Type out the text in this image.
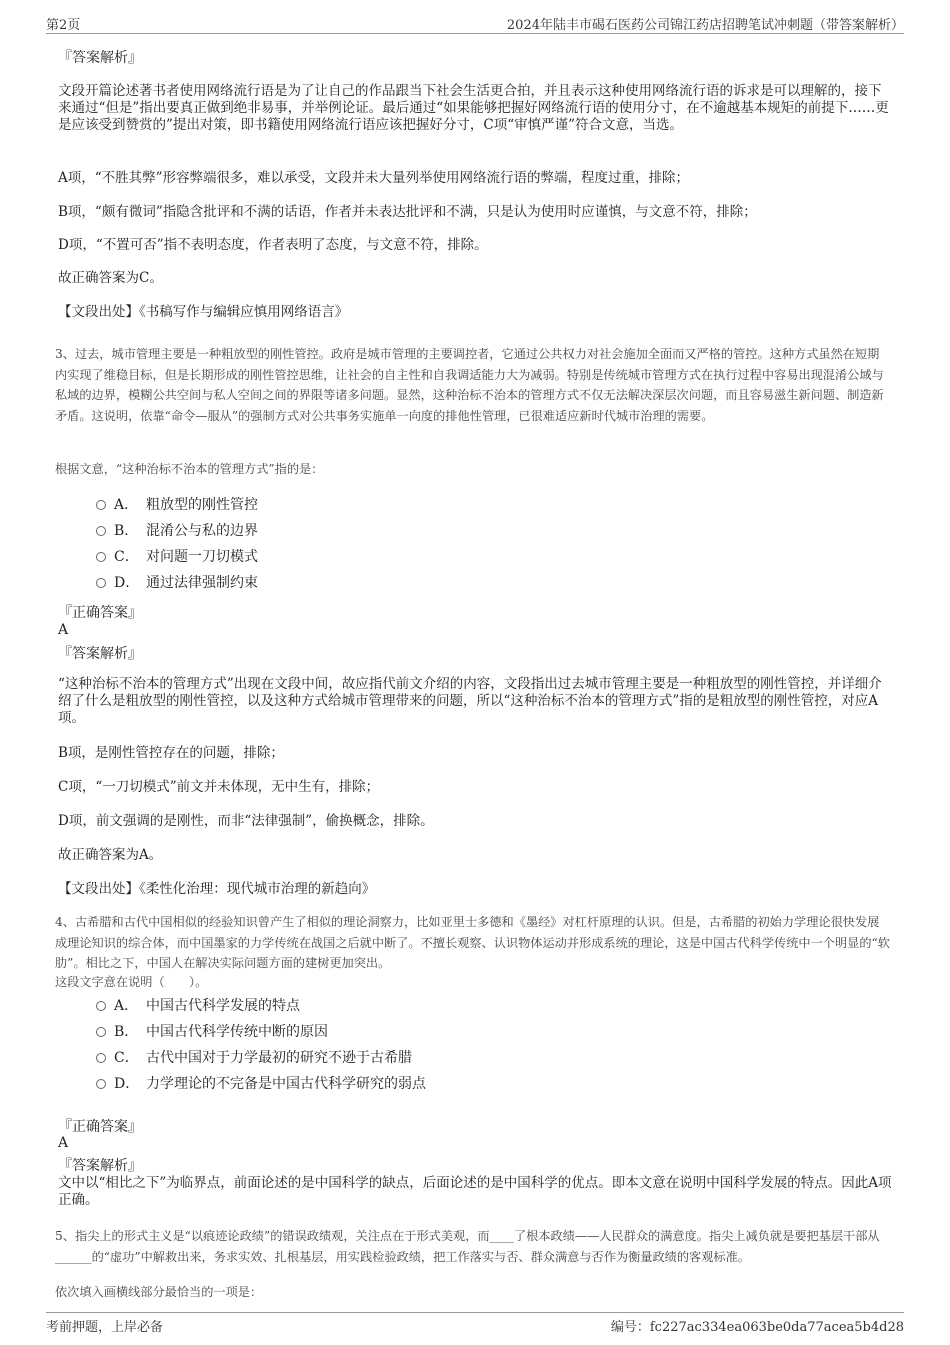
第2页	2024年陆丰市碣石医药公司锦江药店招聘笔试冲刺题（带答案解析）
『答案解析』
文段开篇论述著书者使用网络流行语是为了让自己的作品跟当下社会生活更合拍，并且表示这种使用网络流行语的诉求是可以理解的，接下来通过“但是”指出要真正做到绝非易事，并举例论证。最后通过“如果能够把握好网络流行语的使用分寸，在不逾越基本规矩的前提下……更是应该受到赞赏的”提出对策，即书籍使用网络流行语应该把握好分寸，C项“审慎严谨”符合文意，当选。
A项，“不胜其弊”形容弊端很多，难以承受，文段并未大量列举使用网络流行语的弊端，程度过重，排除；
B项，“颇有微词”指隐含批评和不满的话语，作者并未表达批评和不满，只是认为使用时应谨慎，与文意不符，排除；
D项，“不置可否”指不表明态度，作者表明了态度，与文意不符，排除。
故正确答案为C。
【文段出处】《书稿写作与编辑应慎用网络语言》
3、过去，城市管理主要是一种粗放型的刚性管控。政府是城市管理的主要调控者，它通过公共权力对社会施加全面而又严格的管控。这种方式虽然在短期内实现了维稳目标，但是长期形成的刚性管控思维，让社会的自主性和自我调适能力大为减弱。特别是传统城市管理方式在执行过程中容易出现混淆公域与私域的边界，模糊公共空间与私人空间之间的界限等诸多问题。显然，这种治标不治本的管理方式不仅无法解决深层次问题，而且容易滋生新问题、制造新矛盾。这说明，依靠“命令—服从”的强制方式对公共事务实施单一向度的排他性管理，已很难适应新时代城市治理的需要。
根据文意，“这种治标不治本的管理方式”指的是：
A． 粗放型的刚性管控
B． 混淆公与私的边界
C． 对问题一刀切模式
D． 通过法律强制约束
『正确答案』
A
『答案解析』
“这种治标不治本的管理方式”出现在文段中间，故应指代前文介绍的内容，文段指出过去城市管理主要是一种粗放型的刚性管控，并详细介绍了什么是粗放型的刚性管控，以及这种方式给城市管理带来的问题，所以“这种治标不治本的管理方式”指的是粗放型的刚性管控，对应A项。
B项，是刚性管控存在的问题，排除；
C项，“一刀切模式”前文并未体现，无中生有，排除；
D项，前文强调的是刚性，而非“法律强制”，偷换概念，排除。
故正确答案为A。
【文段出处】《柔性化治理：现代城市治理的新趋向》
4、古希腊和古代中国相似的经验知识曾产生了相似的理论洞察力，比如亚里士多德和《墨经》对杠杆原理的认识。但是，古希腊的初始力学理论很快发展成理论知识的综合体，而中国墨家的力学传统在战国之后就中断了。不擅长观察、认识物体运动并形成系统的理论，这是中国古代科学传统中一个明显的“软肋”。相比之下，中国人在解决实际问题方面的建树更加突出。
这段文字意在说明（　　）。
A． 中国古代科学发展的特点
B． 中国古代科学传统中断的原因
C． 古代中国对于力学最初的研究不逊于古希腊
D． 力学理论的不完备是中国古代科学研究的弱点
『正确答案』
A
『答案解析』
文中以“相比之下”为临界点，前面论述的是中国科学的缺点，后面论述的是中国科学的优点。即本文意在说明中国科学发展的特点。因此A项正确。
5、指尖上的形式主义是“以痕迹论政绩”的错误政绩观，关注点在于形式美观，而____了根本政绩——人民群众的满意度。指尖上减负就是要把基层干部从______的“虚功”中解救出来，务求实效、扎根基层，用实践检验政绩，把工作落实与否、群众满意与否作为衡量政绩的客观标准。
依次填入画横线部分最恰当的一项是：
考前押题，上岸必备	编号：fc227ac334ea063be0da77acea5b4d28
